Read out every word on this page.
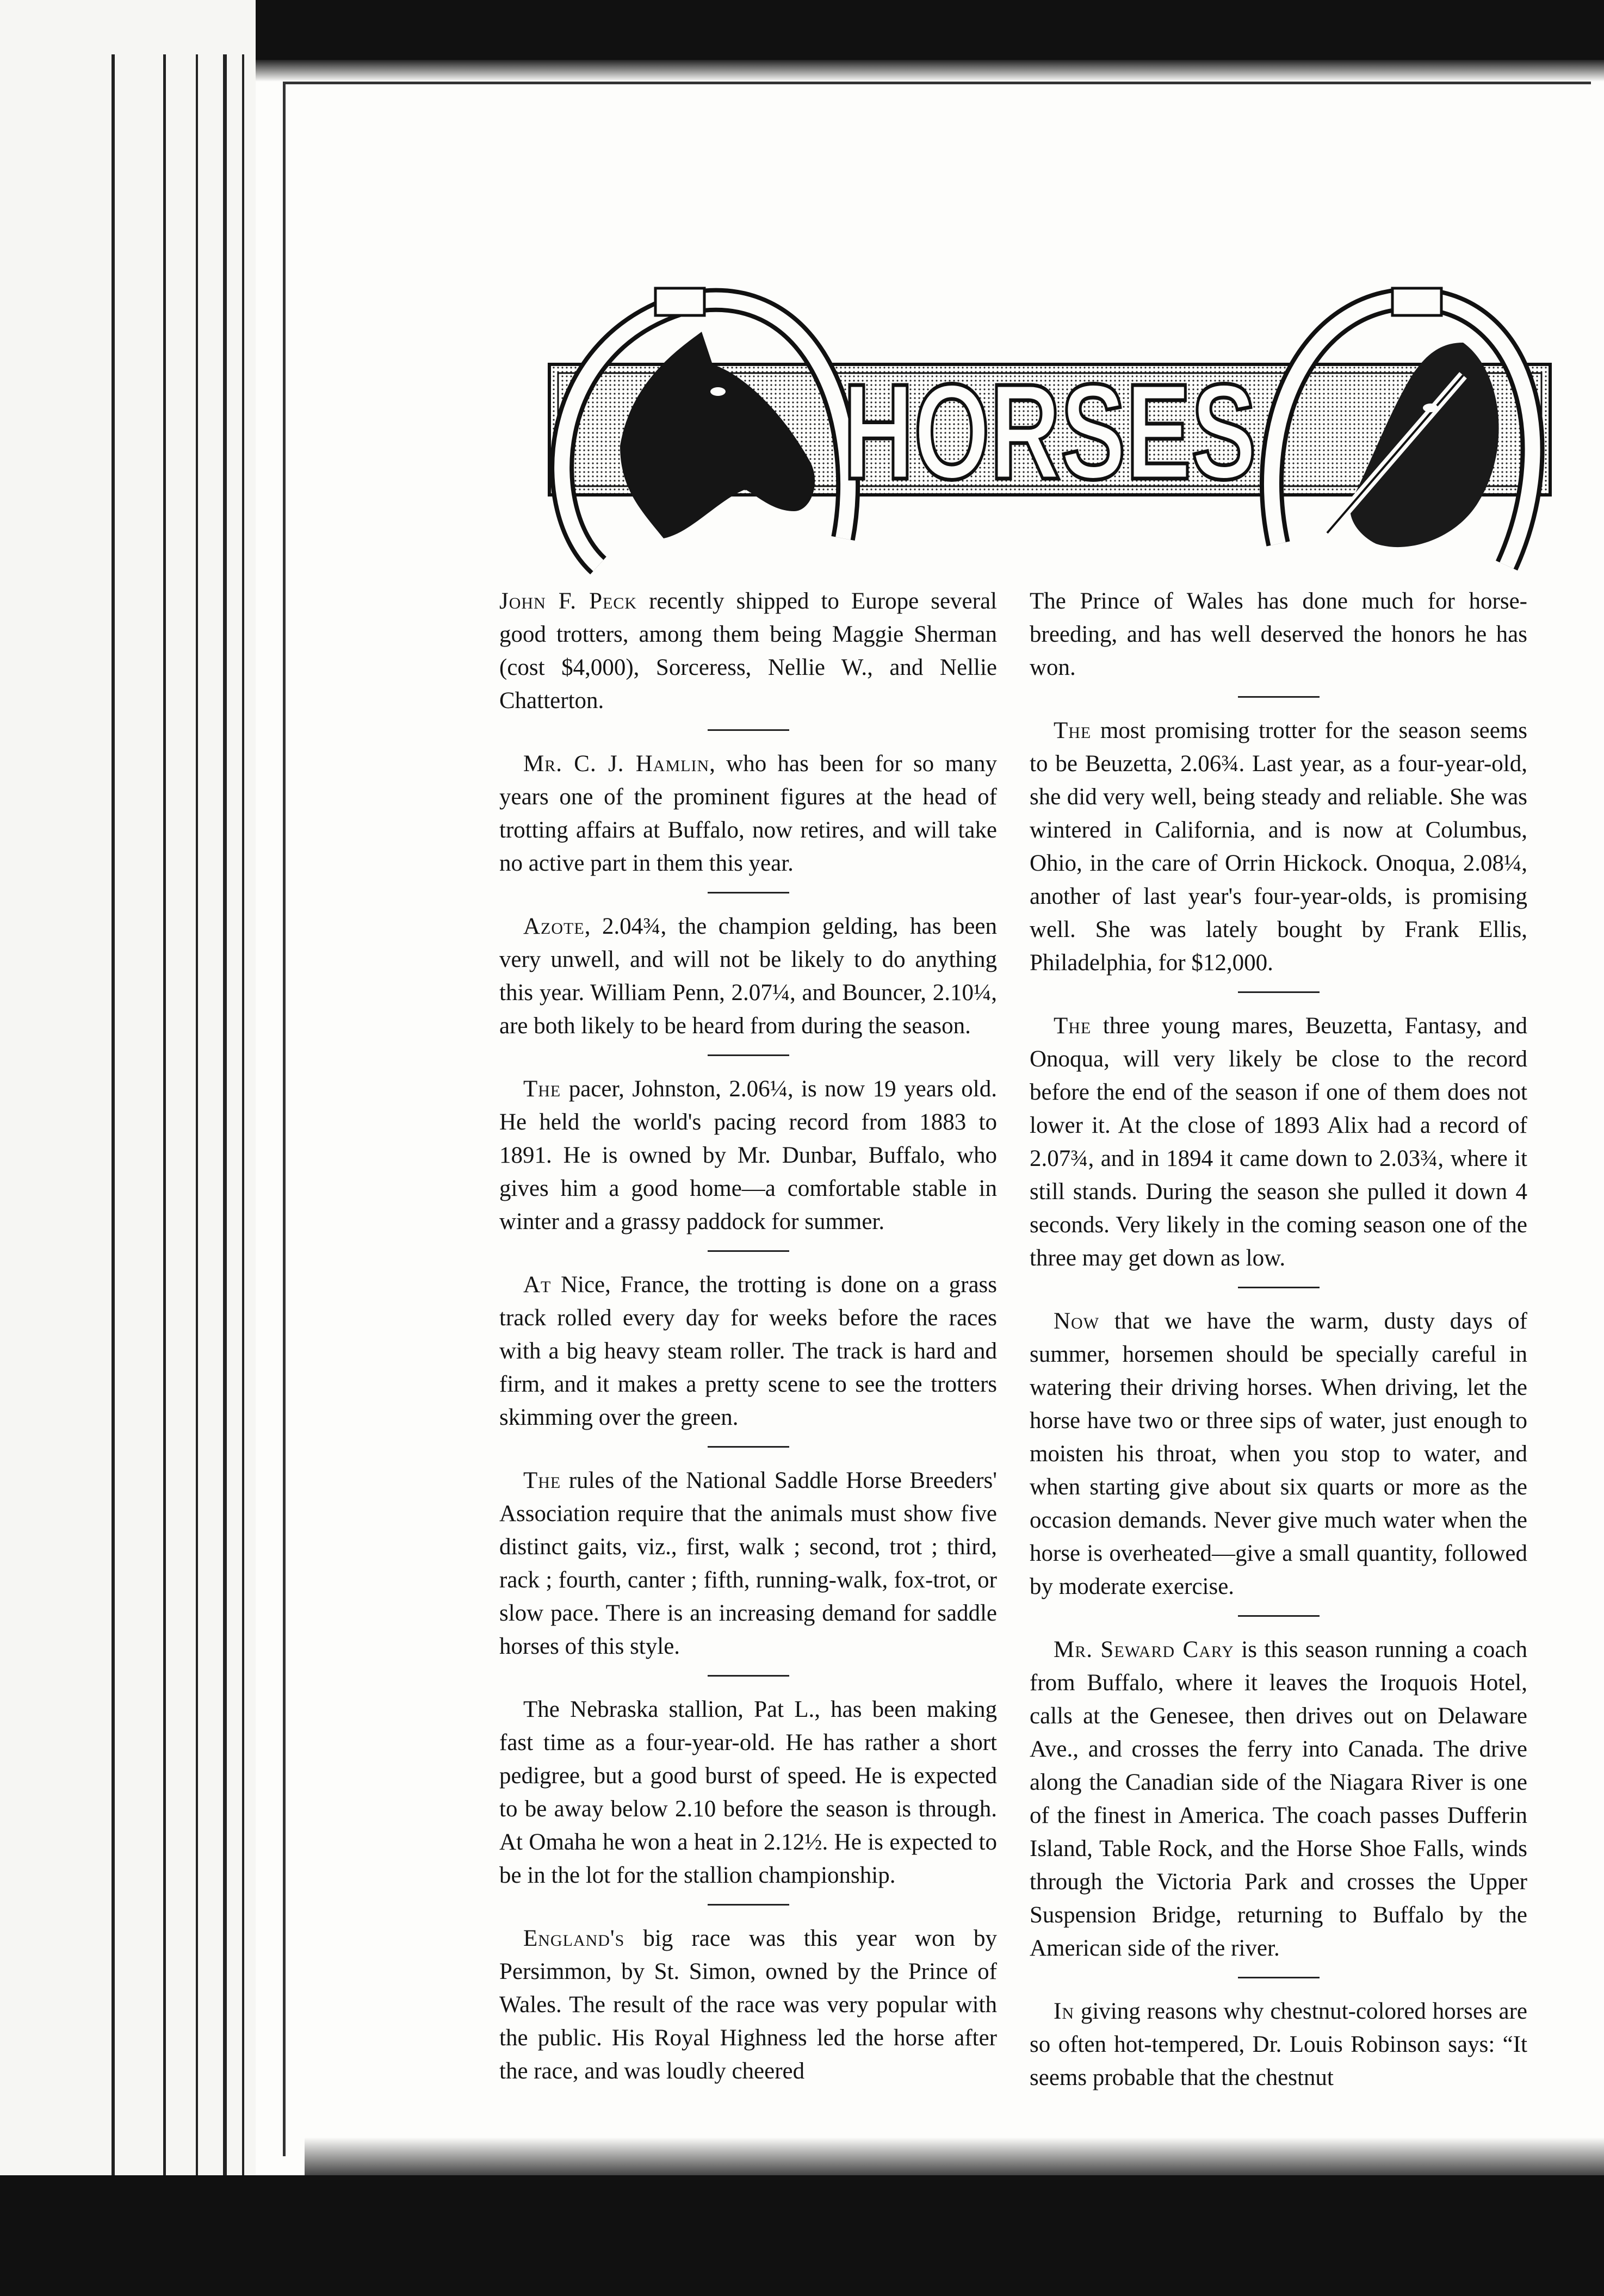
HORSES

John F. Peck recently shipped to Europe several good trotters, among them being Maggie Sherman (cost $4,000), Sorceress, Nellie W., and Nellie Chatterton.

Mr. C. J. Hamlin, who has been for so many years one of the prominent figures at the head of trotting affairs at Buffalo, now retires, and will take no active part in them this year.

Azote, 2.04¾, the champion gelding, has been very unwell, and will not be likely to do anything this year. William Penn, 2.07¼, and Bouncer, 2.10¼, are both likely to be heard from during the season.

The pacer, Johnston, 2.06¼, is now 19 years old. He held the world's pacing record from 1883 to 1891. He is owned by Mr. Dunbar, Buffalo, who gives him a good home—a comfortable stable in winter and a grassy paddock for summer.

At Nice, France, the trotting is done on a grass track rolled every day for weeks before the races with a big heavy steam roller. The track is hard and firm, and it makes a pretty scene to see the trotters skimming over the green.

The rules of the National Saddle Horse Breeders' Association require that the animals must show five distinct gaits, viz., first, walk ; second, trot ; third, rack ; fourth, canter ; fifth, running-walk, fox-trot, or slow pace. There is an increasing demand for saddle horses of this style.

The Nebraska stallion, Pat L., has been making fast time as a four-year-old. He has rather a short pedigree, but a good burst of speed. He is expected to be away below 2.10 before the season is through. At Omaha he won a heat in 2.12½. He is expected to be in the lot for the stallion championship.

England's big race was this year won by Persimmon, by St. Simon, owned by the Prince of Wales. The result of the race was very popular with the public. His Royal Highness led the horse after the race, and was loudly cheered

The Prince of Wales has done much for horse-breeding, and has well deserved the honors he has won.

The most promising trotter for the season seems to be Beuzetta, 2.06¾. Last year, as a four-year-old, she did very well, being steady and reliable. She was wintered in California, and is now at Columbus, Ohio, in the care of Orrin Hickock. Onoqua, 2.08¼, another of last year's four-year-olds, is promising well. She was lately bought by Frank Ellis, Philadelphia, for $12,000.

The three young mares, Beuzetta, Fantasy, and Onoqua, will very likely be close to the record before the end of the season if one of them does not lower it. At the close of 1893 Alix had a record of 2.07¾, and in 1894 it came down to 2.03¾, where it still stands. During the season she pulled it down 4 seconds. Very likely in the coming season one of the three may get down as low.

Now that we have the warm, dusty days of summer, horsemen should be specially careful in watering their driving horses. When driving, let the horse have two or three sips of water, just enough to moisten his throat, when you stop to water, and when starting give about six quarts or more as the occasion demands. Never give much water when the horse is overheated—give a small quantity, followed by moderate exercise.

Mr. Seward Cary is this season running a coach from Buffalo, where it leaves the Iroquois Hotel, calls at the Genesee, then drives out on Delaware Ave., and crosses the ferry into Canada. The drive along the Canadian side of the Niagara River is one of the finest in America. The coach passes Dufferin Island, Table Rock, and the Horse Shoe Falls, winds through the Victoria Park and crosses the Upper Suspension Bridge, returning to Buffalo by the American side of the river.

In giving reasons why chestnut-colored horses are so often hot-tempered, Dr. Louis Robinson says: “It seems probable that the chestnut
